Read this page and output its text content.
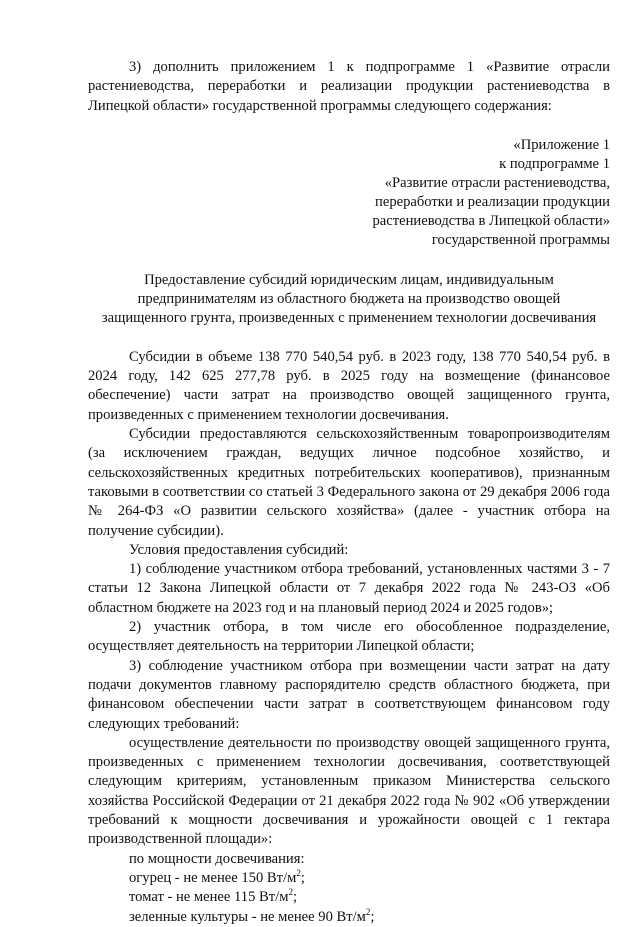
3) дополнить приложением 1 к подпрограмме 1 «Развитие отрасли растениеводства, переработки и реализации продукции растениеводства в Липецкой области» государственной программы следующего содержания:

«Приложение 1
к подпрограмме 1
«Развитие отрасли растениеводства,
переработки и реализации продукции
растениеводства в Липецкой области»
государственной программы
Предоставление субсидий юридическим лицам, индивидуальным
предпринимателям из областного бюджета на производство овощей
защищенного грунта, произведенных с применением технологии досвечивания

Субсидии в объеме 138 770 540,54 руб. в 2023 году, 138 770 540,54 руб. в 2024 году, 142 625 277,78 руб. в 2025 году на возмещение (финансовое обеспечение) части затрат на производство овощей защищенного грунта, произведенных с применением технологии досвечивания.

Субсидии предоставляются сельскохозяйственным товаропроизводителям (за исключением граждан, ведущих личное подсобное хозяйство, и сельскохозяйственных кредитных потребительских кооперативов), признанным таковыми в соответствии со статьей 3 Федерального закона от 29 декабря 2006 года № 264-ФЗ «О развитии сельского хозяйства» (далее - участник отбора на получение субсидии).

Условия предоставления субсидий:

1) соблюдение участником отбора требований, установленных частями 3 - 7 статьи 12 Закона Липецкой области от 7 декабря 2022 года № 243-ОЗ «Об областном бюджете на 2023 год и на плановый период 2024 и 2025 годов»;

2) участник отбора, в том числе его обособленное подразделение, осуществляет деятельность на территории Липецкой области;

3) соблюдение участником отбора при возмещении части затрат на дату подачи документов главному распорядителю средств областного бюджета, при финансовом обеспечении части затрат в соответствующем финансовом году следующих требований:

осуществление деятельности по производству овощей защищенного грунта, произведенных с применением технологии досвечивания, соответствующей следующим критериям, установленным приказом Министерства сельского хозяйства Российской Федерации от 21 декабря 2022 года № 902 «Об утверждении требований к мощности досвечивания и урожайности овощей с 1 гектара производственной площади»:

по мощности досвечивания:

огурец - не менее 150 $Вт/м^2$;

томат - не менее 115 $Вт/м^2$;

зеленные культуры - не менее 90 $Вт/м^2$;
